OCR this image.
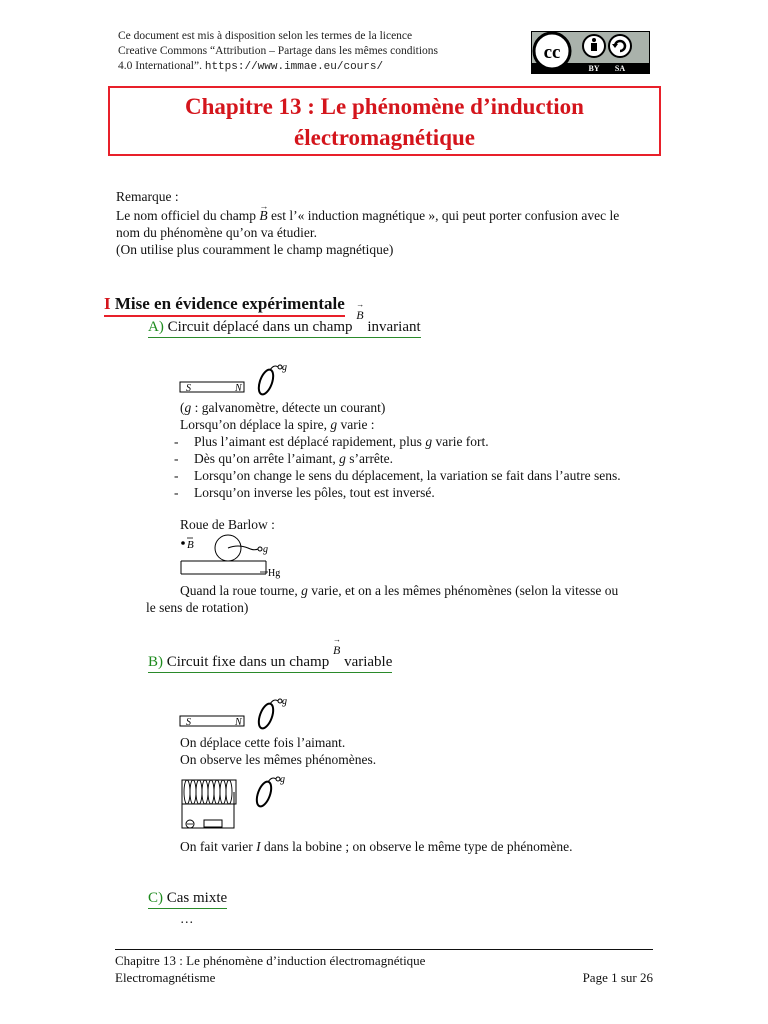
Ce document est mis à disposition selon les termes de la licence
Creative Commons “Attribution – Partage dans les mêmes conditions
4.0 International”. https://www.immae.eu/cours/
cc
BY SA
Chapitre 13 : Le phénomène d’induction
électromagnétique
Remarque :
Le nom officiel du champ → B est l’« induction magnétique », qui peut porter confusion avec le
nom du phénomène qu’on va étudier.
(On utilise plus couramment le champ magnétique)
I Mise en évidence expérimentale
A) Circuit déplacé dans un champ → B invariant
S	N
g
(g : galvanomètre, détecte un courant)
Lorsqu’on déplace la spire, g varie :
- Plus l’aimant est déplacé rapidement, plus g varie fort.
- Dès qu’on arrête l’aimant, g s’arrête.
- Lorsqu’on change le sens du déplacement, la variation se fait dans l’autre sens.
- Lorsqu’on inverse les pôles, tout est inversé.
Roue de Barlow :
B	g
Hg
Quand la roue tourne, g varie, et on a les mêmes phénomènes (selon la vitesse ou
le sens de rotation)
B) Circuit fixe dans un champ → B variable
S	N
g
On déplace cette fois l’aimant.
On observe les mêmes phénomènes.
g
On fait varier I dans la bobine ; on observe le même type de phénomène.
C) Cas mixte
…
Chapitre 13 : Le phénomène d’induction électromagnétique
Electromagnétisme	Page 1 sur 26
